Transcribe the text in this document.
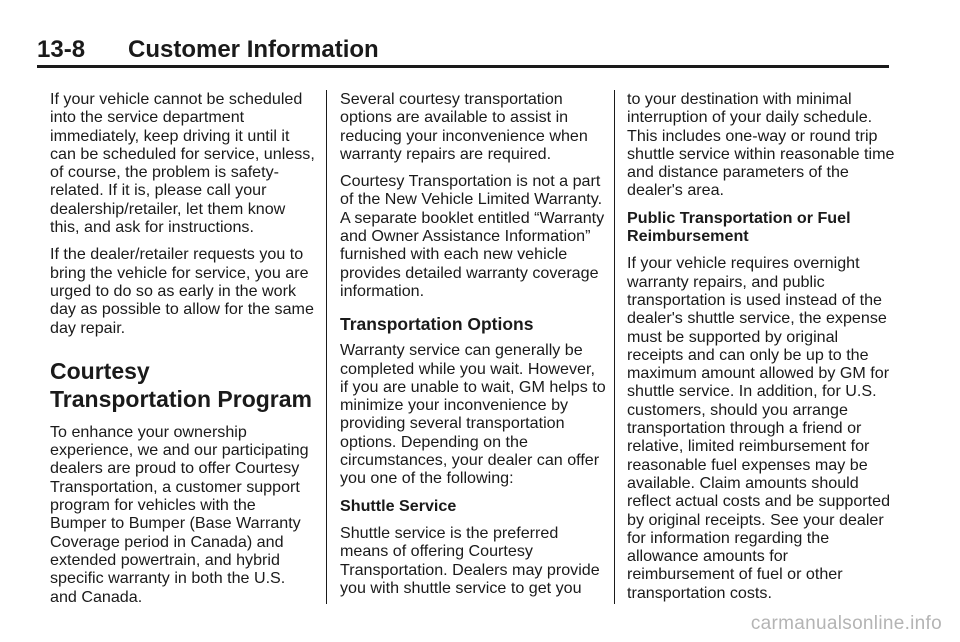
13-8 Customer Information

If your vehicle cannot be scheduled into the service department immediately, keep driving it until it can be scheduled for service, unless, of course, the problem is safety-related. If it is, please call your dealership/retailer, let them know this, and ask for instructions.

If the dealer/retailer requests you to bring the vehicle for service, you are urged to do so as early in the work day as possible to allow for the same day repair.

Courtesy Transportation Program

To enhance your ownership experience, we and our participating dealers are proud to offer Courtesy Transportation, a customer support program for vehicles with the Bumper to Bumper (Base Warranty Coverage period in Canada) and extended powertrain, and hybrid specific warranty in both the U.S. and Canada.

Several courtesy transportation options are available to assist in reducing your inconvenience when warranty repairs are required.

Courtesy Transportation is not a part of the New Vehicle Limited Warranty. A separate booklet entitled “Warranty and Owner Assistance Information” furnished with each new vehicle provides detailed warranty coverage information.

Transportation Options

Warranty service can generally be completed while you wait. However, if you are unable to wait, GM helps to minimize your inconvenience by providing several transportation options. Depending on the circumstances, your dealer can offer you one of the following:

Shuttle Service

Shuttle service is the preferred means of offering Courtesy Transportation. Dealers may provide you with shuttle service to get you

to your destination with minimal interruption of your daily schedule. This includes one-way or round trip shuttle service within reasonable time and distance parameters of the dealer's area.

Public Transportation or Fuel Reimbursement

If your vehicle requires overnight warranty repairs, and public transportation is used instead of the dealer's shuttle service, the expense must be supported by original receipts and can only be up to the maximum amount allowed by GM for shuttle service. In addition, for U.S. customers, should you arrange transportation through a friend or relative, limited reimbursement for reasonable fuel expenses may be available. Claim amounts should reflect actual costs and be supported by original receipts. See your dealer for information regarding the allowance amounts for reimbursement of fuel or other transportation costs.

carmanualsonline.info
